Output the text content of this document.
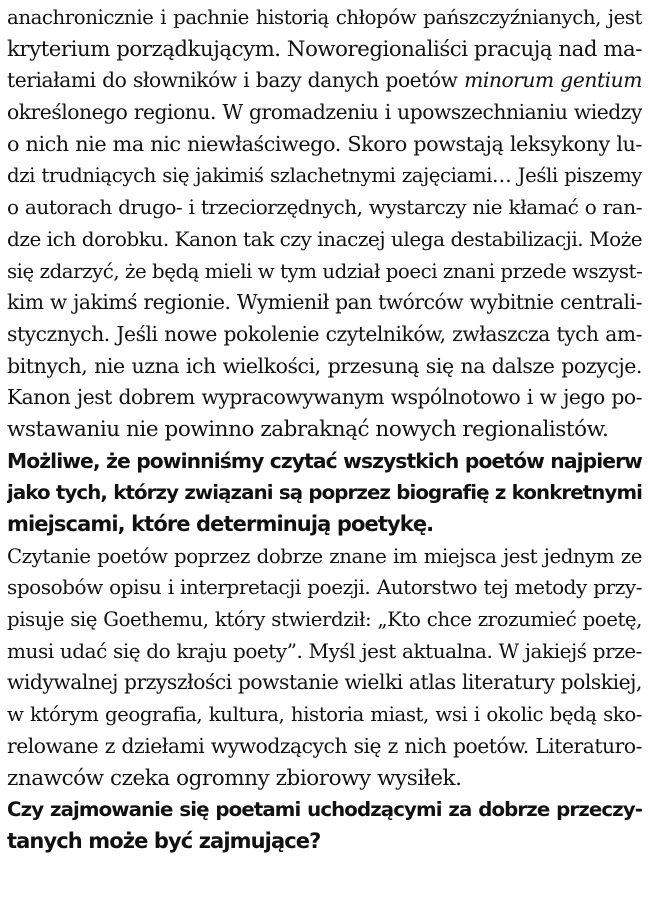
anachronicznie i pachnie historią chłopów pańszczyźnianych, jest
kryterium porządkującym. Noworegionaliści pracują nad ma-
teriałami do słowników i bazy danych poetów minorum gentium
określonego regionu. W gromadzeniu i upowszechnianiu wiedzy
o nich nie ma nic niewłaściwego. Skoro powstają leksykony lu-
dzi trudniących się jakimiś szlachetnymi zajęciami… Jeśli piszemy
o autorach drugo- i trzeciorzędnych, wystarczy nie kłamać o ran-
dze ich dorobku. Kanon tak czy inaczej ulega destabilizacji. Może
się zdarzyć, że będą mieli w tym udział poeci znani przede wszyst-
kim w jakimś regionie. Wymienił pan twórców wybitnie centrali-
stycznych. Jeśli nowe pokolenie czytelników, zwłaszcza tych am-
bitnych, nie uzna ich wielkości, przesuną się na dalsze pozycje.
Kanon jest dobrem wypracowywanym wspólnotowo i w jego po-
wstawaniu nie powinno zabraknąć nowych regionalistów.
Możliwe, że powinniśmy czytać wszystkich poetów najpierw
jako tych, którzy związani są poprzez biografię z konkretnymi
miejscami, które determinują poetykę.
Czytanie poetów poprzez dobrze znane im miejsca jest jednym ze
sposobów opisu i interpretacji poezji. Autorstwo tej metody przy-
pisuje się Goethemu, który stwierdził: „Kto chce zrozumieć poetę,
musi udać się do kraju poety”. Myśl jest aktualna. W jakiejś prze-
widywalnej przyszłości powstanie wielki atlas literatury polskiej,
w którym geografia, kultura, historia miast, wsi i okolic będą sko-
relowane z dziełami wywodzących się z nich poetów. Literaturo-
znawców czeka ogromny zbiorowy wysiłek.
Czy zajmowanie się poetami uchodzącymi za dobrze przeczy-
tanych może być zajmujące?
